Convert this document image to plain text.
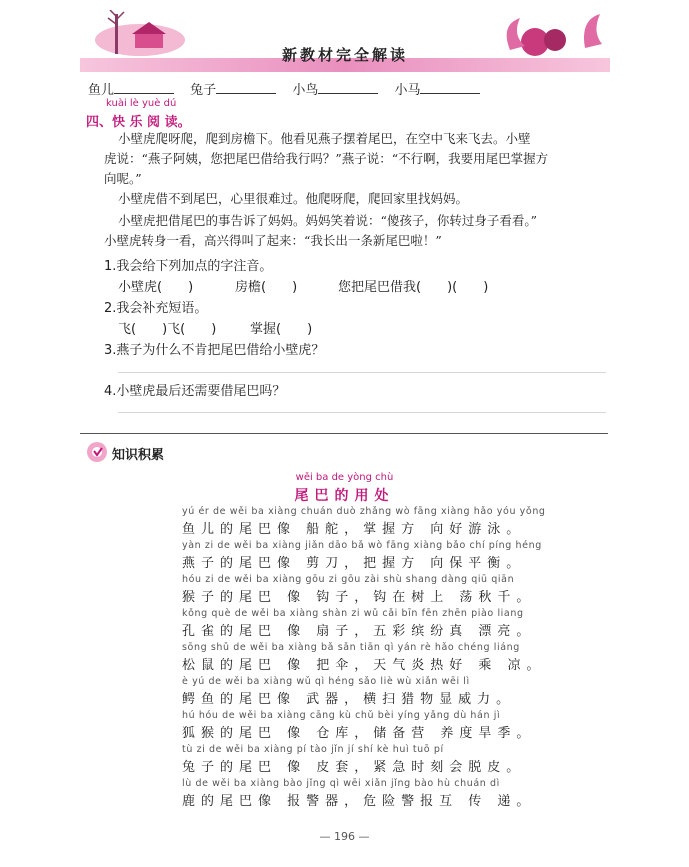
新教材完全解读
鱼儿	兔子	小鸟	小马
kuài lè yuè dú
四、快 乐 阅 读。
小壁虎爬呀爬，爬到房檐下。他看见燕子摆着尾巴，在空中飞来飞去。小壁
虎说：“燕子阿姨，您把尾巴借给我行吗？”燕子说：“不行啊，我要用尾巴掌握方
向呢。”
小壁虎借不到尾巴，心里很难过。他爬呀爬，爬回家里找妈妈。
小壁虎把借尾巴的事告诉了妈妈。妈妈笑着说：“傻孩子，你转过身子看看。”
小壁虎转身一看，高兴得叫了起来：“我长出一条新尾巴啦！”
1.我会给下列加点的字注音。
小壁虎(　　)	房檐(　　)	您把尾巴借我(　　)(　　)
2.我会补充短语。
飞(　　)飞(　　)	掌握(　　)
3.燕子为什么不肯把尾巴借给小壁虎？
4.小壁虎最后还需要借尾巴吗？
知识积累
wěi ba de yòng chù
尾巴的用处
yú ér de wěi ba xiàng chuán duò zhǎng wò fāng xiàng hǎo yóu yǒng
鱼儿的尾巴像 船舵，掌握方 向好游泳。
yàn zi de wěi ba xiàng jiǎn dāo bǎ wò fāng xiàng bǎo chí píng héng
燕子的尾巴像 剪刀，把握方 向保平衡。
hóu zi de wěi ba xiàng gōu zi gōu zài shù shang dàng qiū qiān
猴子的尾巴 像 钩子，钩在树上 荡秋千。
kǒng què de wěi ba xiàng shàn zi wǔ cǎi bīn fēn zhēn piào liang
孔雀的尾巴 像 扇子，五彩缤纷真 漂亮。
sōng shǔ de wěi ba xiàng bǎ sǎn tiān qì yán rè hǎo chéng liáng
松鼠的尾巴 像 把伞，天气炎热好 乘 凉。
è yú de wěi ba xiàng wǔ qì héng sǎo liè wù xiǎn wēi lì
鳄鱼的尾巴像 武器，横扫猎物显威力。
hú hóu de wěi ba xiàng cāng kù chǔ bèi yíng yǎng dù hán jì
狐猴的尾巴 像 仓库，储备营 养度旱季。
tù zi de wěi ba xiàng pí tào jǐn jí shí kè huì tuō pí
兔子的尾巴 像 皮套，紧急时刻会脱皮。
lù de wěi ba xiàng bào jǐng qì wēi xiǎn jǐng bào hù chuán dì
鹿的尾巴像 报警器，危险警报互 传 递。
— 196 —
